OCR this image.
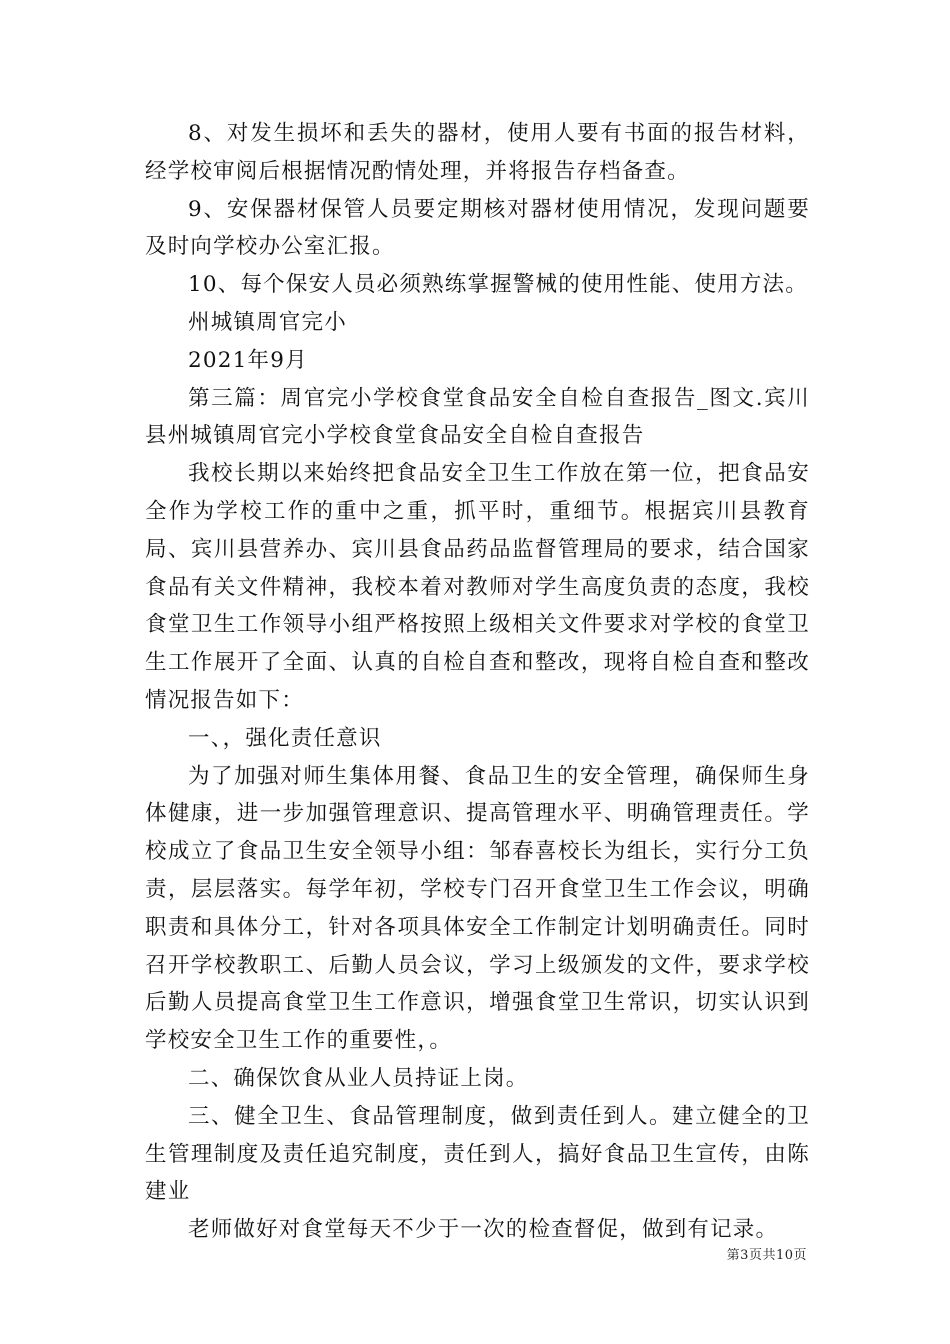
8、对发生损坏和丢失的器材，使用人要有书面的报告材料，经学校审阅后根据情况酌情处理，并将报告存档备查。

9、安保器材保管人员要定期核对器材使用情况，发现问题要及时向学校办公室汇报。

10、每个保安人员必须熟练掌握警械的使用性能、使用方法。

州城镇周官完小

2021年9月

第三篇：周官完小学校食堂食品安全自检自查报告_图文.宾川县州城镇周官完小学校食堂食品安全自检自查报告

我校长期以来始终把食品安全卫生工作放在第一位，把食品安全作为学校工作的重中之重，抓平时，重细节。根据宾川县教育局、宾川县营养办、宾川县食品药品监督管理局的要求，结合国家食品有关文件精神，我校本着对教师对学生高度负责的态度，我校食堂卫生工作领导小组严格按照上级相关文件要求对学校的食堂卫生工作展开了全面、认真的自检自查和整改，现将自检自查和整改情况报告如下：

一、，强化责任意识

为了加强对师生集体用餐、食品卫生的安全管理，确保师生身体健康，进一步加强管理意识、提高管理水平、明确管理责任。学校成立了食品卫生安全领导小组：邹春喜校长为组长，实行分工负责，层层落实。每学年初，学校专门召开食堂卫生工作会议，明确职责和具体分工，针对各项具体安全工作制定计划明确责任。同时召开学校教职工、后勤人员会议，学习上级颁发的文件，要求学校后勤人员提高食堂卫生工作意识，增强食堂卫生常识，切实认识到学校安全卫生工作的重要性，。

二、确保饮食从业人员持证上岗。

三、健全卫生、食品管理制度，做到责任到人。建立健全的卫生管理制度及责任追究制度，责任到人，搞好食品卫生宣传，由陈建业

老师做好对食堂每天不少于一次的检查督促，做到有记录。

第3页共10页
